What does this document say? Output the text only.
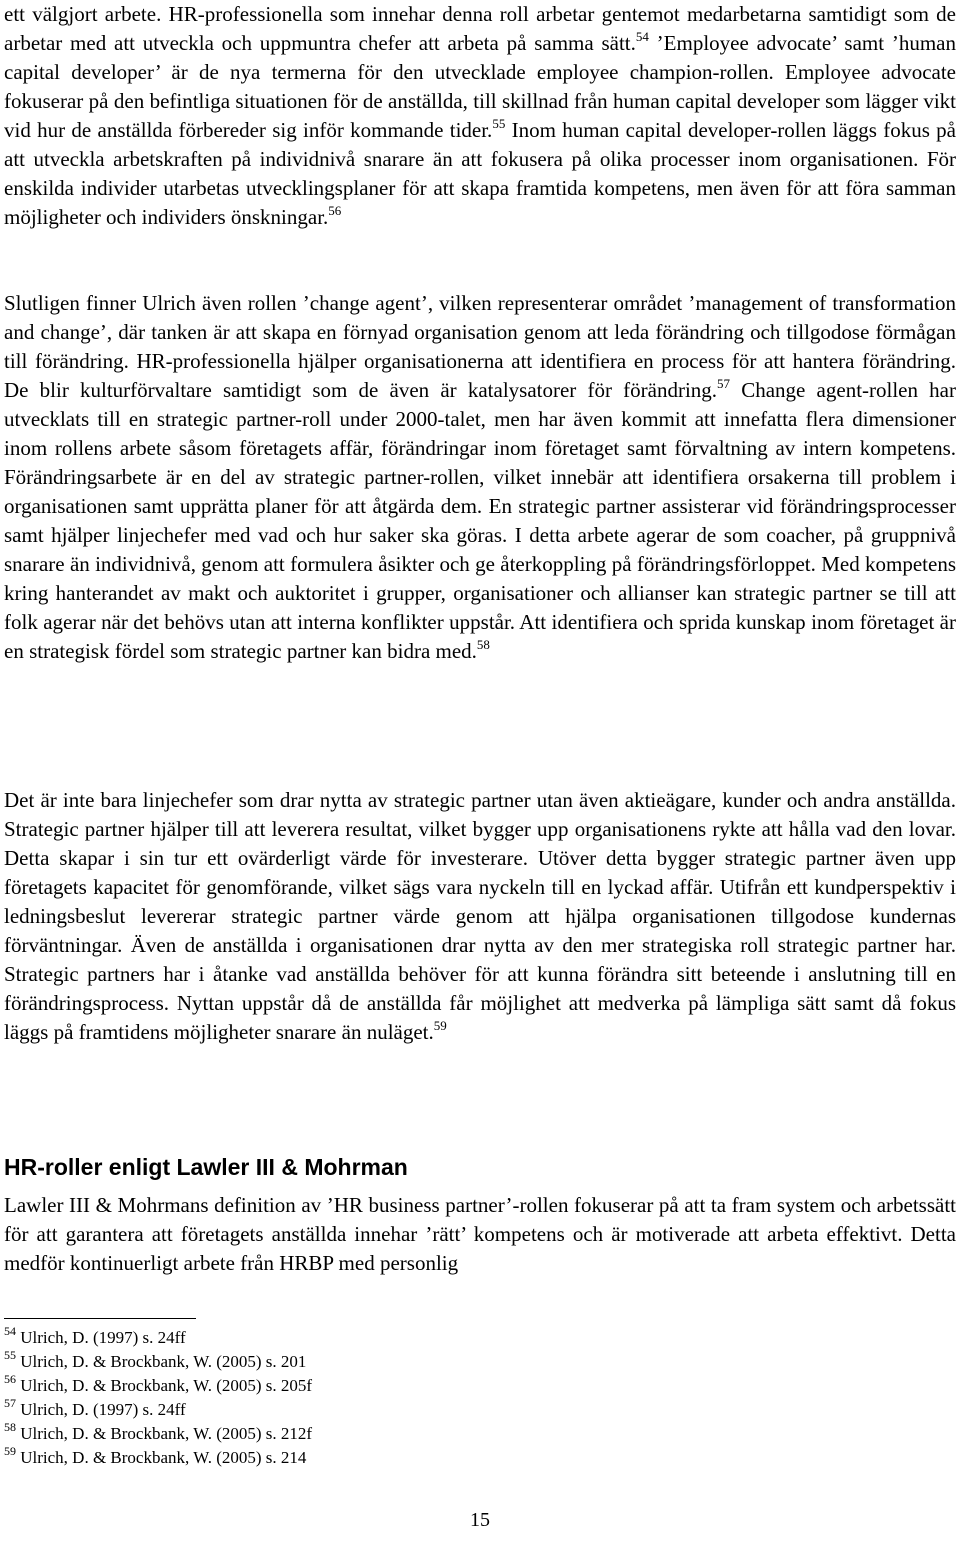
ett välgjort arbete. HR-professionella som innehar denna roll arbetar gentemot medarbetarna samtidigt som de arbetar med att utveckla och uppmuntra chefer att arbeta på samma sätt.$^{54}$ ’Employee advocate’ samt ’human capital developer’ är de nya termerna för den utvecklade employee champion-rollen. Employee advocate fokuserar på den befintliga situationen för de anställda, till skillnad från human capital developer som lägger vikt vid hur de anställda förbereder sig inför kommande tider.$^{55}$ Inom human capital developer-rollen läggs fokus på att utveckla arbetskraften på individnivå snarare än att fokusera på olika processer inom organisationen. För enskilda individer utarbetas utvecklingsplaner för att skapa framtida kompetens, men även för att föra samman möjligheter och individers önskningar.$^{56}$

Slutligen finner Ulrich även rollen ’change agent’, vilken representerar området ’management of transformation and change’, där tanken är att skapa en förnyad organisation genom att leda förändring och tillgodose förmågan till förändring. HR-professionella hjälper organisationerna att identifiera en process för att hantera förändring. De blir kulturförvaltare samtidigt som de även är katalysatorer för förändring.$^{57}$ Change agent-rollen har utvecklats till en strategic partner-roll under 2000-talet, men har även kommit att innefatta flera dimensioner inom rollens arbete såsom företagets affär, förändringar inom företaget samt förvaltning av intern kompetens. Förändringsarbete är en del av strategic partner-rollen, vilket innebär att identifiera orsakerna till problem i organisationen samt upprätta planer för att åtgärda dem. En strategic partner assisterar vid förändringsprocesser samt hjälper linjechefer med vad och hur saker ska göras. I detta arbete agerar de som coacher, på gruppnivå snarare än individnivå, genom att formulera åsikter och ge återkoppling på förändringsförloppet. Med kompetens kring hanterandet av makt och auktoritet i grupper, organisationer och allianser kan strategic partner se till att folk agerar när det behövs utan att interna konflikter uppstår. Att identifiera och sprida kunskap inom företaget är en strategisk fördel som strategic partner kan bidra med.$^{58}$

Det är inte bara linjechefer som drar nytta av strategic partner utan även aktieägare, kunder och andra anställda. Strategic partner hjälper till att leverera resultat, vilket bygger upp organisationens rykte att hålla vad den lovar. Detta skapar i sin tur ett ovärderligt värde för investerare. Utöver detta bygger strategic partner även upp företagets kapacitet för genomförande, vilket sägs vara nyckeln till en lyckad affär. Utifrån ett kundperspektiv i ledningsbeslut levererar strategic partner värde genom att hjälpa organisationen tillgodose kundernas förväntningar. Även de anställda i organisationen drar nytta av den mer strategiska roll strategic partner har. Strategic partners har i åtanke vad anställda behöver för att kunna förändra sitt beteende i anslutning till en förändringsprocess. Nyttan uppstår då de anställda får möjlighet att medverka på lämpliga sätt samt då fokus läggs på framtidens möjligheter snarare än nuläget.$^{59}$

HR-roller enligt Lawler III & Mohrman

Lawler III & Mohrmans definition av ’HR business partner’-rollen fokuserar på att ta fram system och arbetssätt för att garantera att företagets anställda innehar ’rätt’ kompetens och är motiverade att arbeta effektivt. Detta medför kontinuerligt arbete från HRBP med personlig

$^{54}$ Ulrich, D. (1997) s. 24ff
$^{55}$ Ulrich, D. & Brockbank, W. (2005) s. 201
$^{56}$ Ulrich, D. & Brockbank, W. (2005) s. 205f
$^{57}$ Ulrich, D. (1997) s. 24ff
$^{58}$ Ulrich, D. & Brockbank, W. (2005) s. 212f
$^{59}$ Ulrich, D. & Brockbank, W. (2005) s. 214
15
